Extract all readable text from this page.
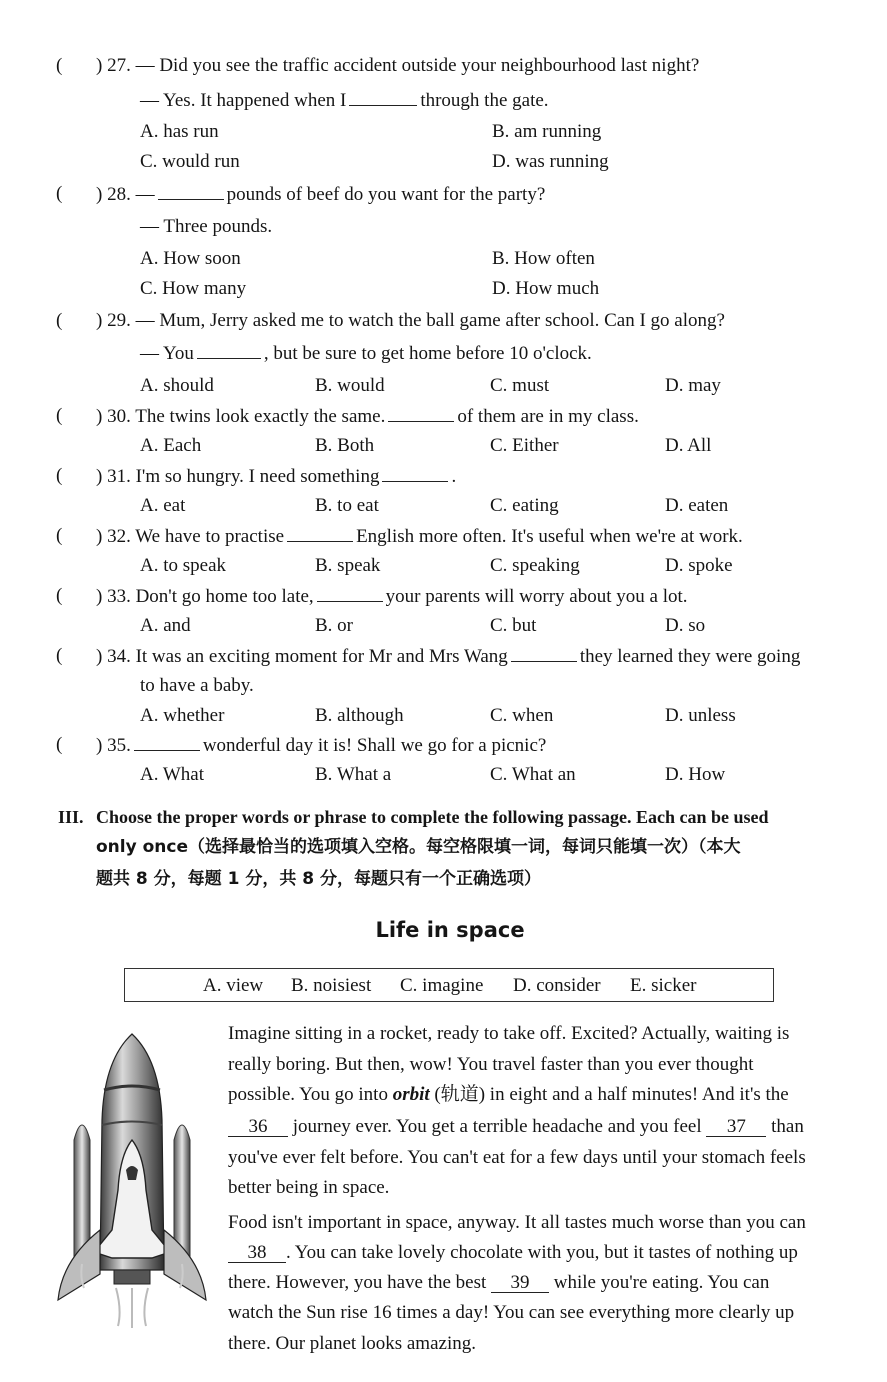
( ) 27. — Did you see the traffic accident outside your neighbourhood last night?
— Yes. It happened when I	through the gate.
A. has run	B. am running
C. would run	D. was running
( ) 28. —	pounds of beef do you want for the party?
— Three pounds.
A. How soon	B. How often
C. How many	D. How much
( ) 29. — Mum, Jerry asked me to watch the ball game after school. Can I go along?
— You	, but be sure to get home before 10 o'clock.
A. should	B. would	C. must	D. may
( ) 30. The twins look exactly the same.	of them are in my class.
A. Each	B. Both	C. Either	D. All
( ) 31. I'm so hungry. I need something	.
A. eat	B. to eat	C. eating	D. eaten
( ) 32. We have to practise	English more often. It's useful when we're at work.
A. to speak	B. speak	C. speaking	D. spoke
( ) 33. Don't go home too late,	your parents will worry about you a lot.
A. and	B. or	C. but	D. so
( ) 34. It was an exciting moment for Mr and Mrs Wang	they learned they were going
to have a baby.
A. whether	B. although	C. when	D. unless
( ) 35.	wonderful day it is! Shall we go for a picnic?
A. What	B. What a	C. What an	D. How
III. Choose the proper words or phrase to complete the following passage. Each can be used
only once（选择最恰当的选项填入空格。每空格限填一词，每词只能填一次）（本大
题共 8 分，每题 1 分，共 8 分，每题只有一个正确选项）
Life in space
A. view B. noisiest C. imagine D. consider E. sicker
Imagine sitting in a rocket, ready to take off. Excited? Actually, waiting is
really boring. But then, wow! You travel faster than you ever thought
possible. You go into orbit (轨道) in eight and a half minutes! And it's the
36 journey ever. You get a terrible headache and you feel 37 than
you've ever felt before. You can't eat for a few days until your stomach feels
better being in space.
Food isn't important in space, anyway. It all tastes much worse than you can
38 . You can take lovely chocolate with you, but it tastes of nothing up
there. However, you have the best 39 while you're eating. You can
watch the Sun rise 16 times a day! You can see everything more clearly up
there. Our planet looks amazing.
